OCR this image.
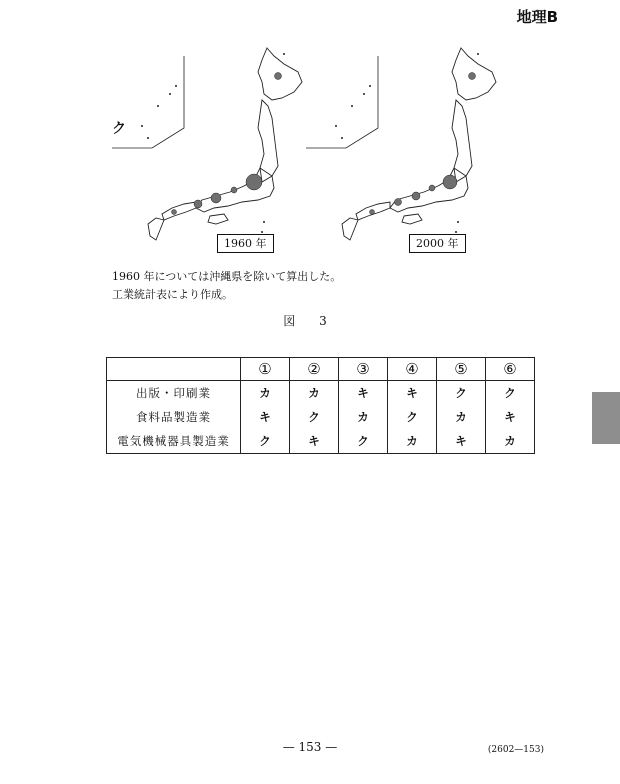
地理B
ク
1960 年	2000 年
1960 年については沖縄県を除いて算出した。
工業統計表により作成。
図 3
	①	②	③	④	⑤	⑥
出版・印刷業	カ	カ	キ	キ	ク	ク
食料品製造業	キ	ク	カ	ク	カ	キ
電気機械器具製造業	ク	キ	ク	カ	キ	カ
— 153 —	(2602—153)
